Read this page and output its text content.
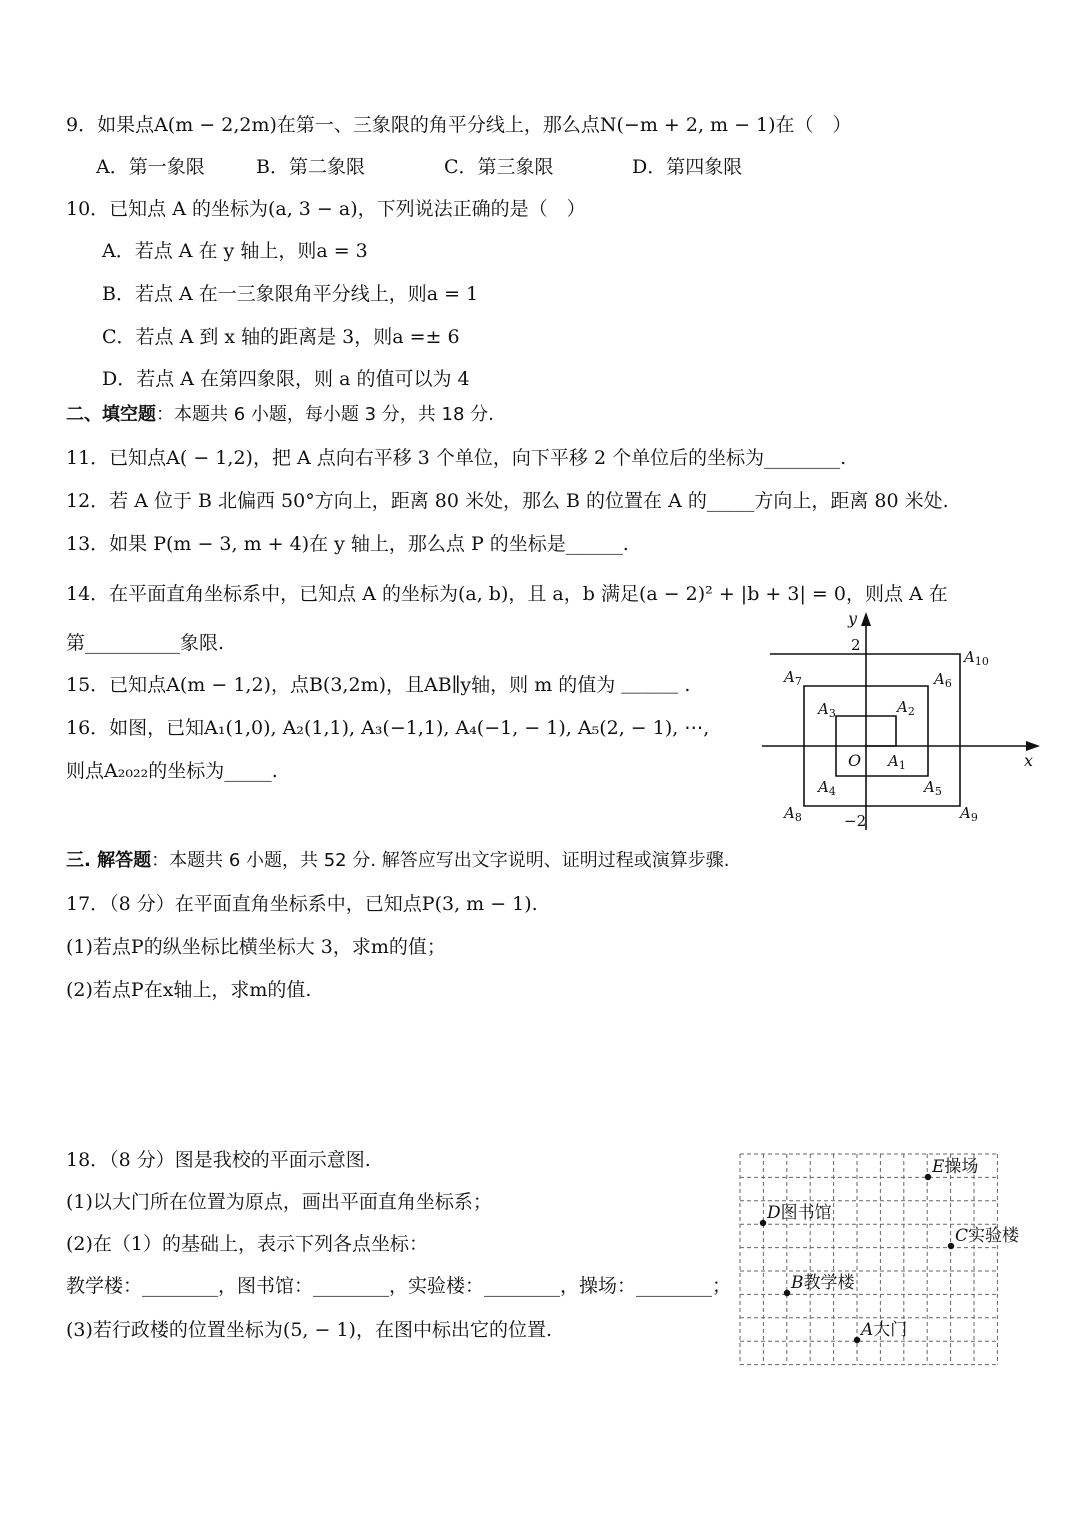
9．如果点A(m − 2,2m)在第一、三象限的角平分线上，那么点N(−m + 2, m − 1)在（　）
A．第一象限	B．第二象限	C．第三象限	D．第四象限
10．已知点 A 的坐标为(a, 3 − a)，下列说法正确的是（　）
A．若点 A 在 y 轴上，则a = 3
B．若点 A 在一三象限角平分线上，则a = 1
C．若点 A 到 x 轴的距离是 3，则a =± 6
D．若点 A 在第四象限，则 a 的值可以为 4
二、填空题：本题共 6 小题，每小题 3 分，共 18 分.
11．已知点A( − 1,2)，把 A 点向右平移 3 个单位，向下平移 2 个单位后的坐标为________.
12．若 A 位于 B 北偏西 50°方向上，距离 80 米处，那么 B 的位置在 A 的_____方向上，距离 80 米处.
13．如果 P(m − 3, m + 4)在 y 轴上，那么点 P 的坐标是______.
14．在平面直角坐标系中，已知点 A 的坐标为(a, b)，且 a，b 满足(a − 2)² + |b + 3| = 0，则点 A 在
第__________象限.
15．已知点A(m − 1,2)，点B(3,2m)，且AB∥y轴，则 m 的值为 ＿＿＿ .
16．如图，已知A₁(1,0), A₂(1,1), A₃(−1,1), A₄(−1, − 1), A₅(2, − 1), ⋯,
则点A₂₀₂₂的坐标为_____.
y
x
O
2
−2
$A_1$
$A_2$
$A_3$
$A_4$	$A_5$
$A_6$
$A_7$
$A_8$	$A_9$
$A_{10}$
三. 解答题：本题共 6 小题，共 52 分. 解答应写出文字说明、证明过程或演算步骤.
17．（8 分）在平面直角坐标系中，已知点P(3, m − 1).
(1)若点P的纵坐标比横坐标大 3，求m的值；
(2)若点P在x轴上，求m的值.
18．（8 分）图是我校的平面示意图.
(1)以大门所在位置为原点，画出平面直角坐标系；
(2)在（1）的基础上，表示下列各点坐标：
教学楼：________，图书馆：________，实验楼：________，操场：________；
(3)若行政楼的位置坐标为(5, − 1)，在图中标出它的位置.
E操场
D图书馆
C实验楼
B教学楼
A大门
